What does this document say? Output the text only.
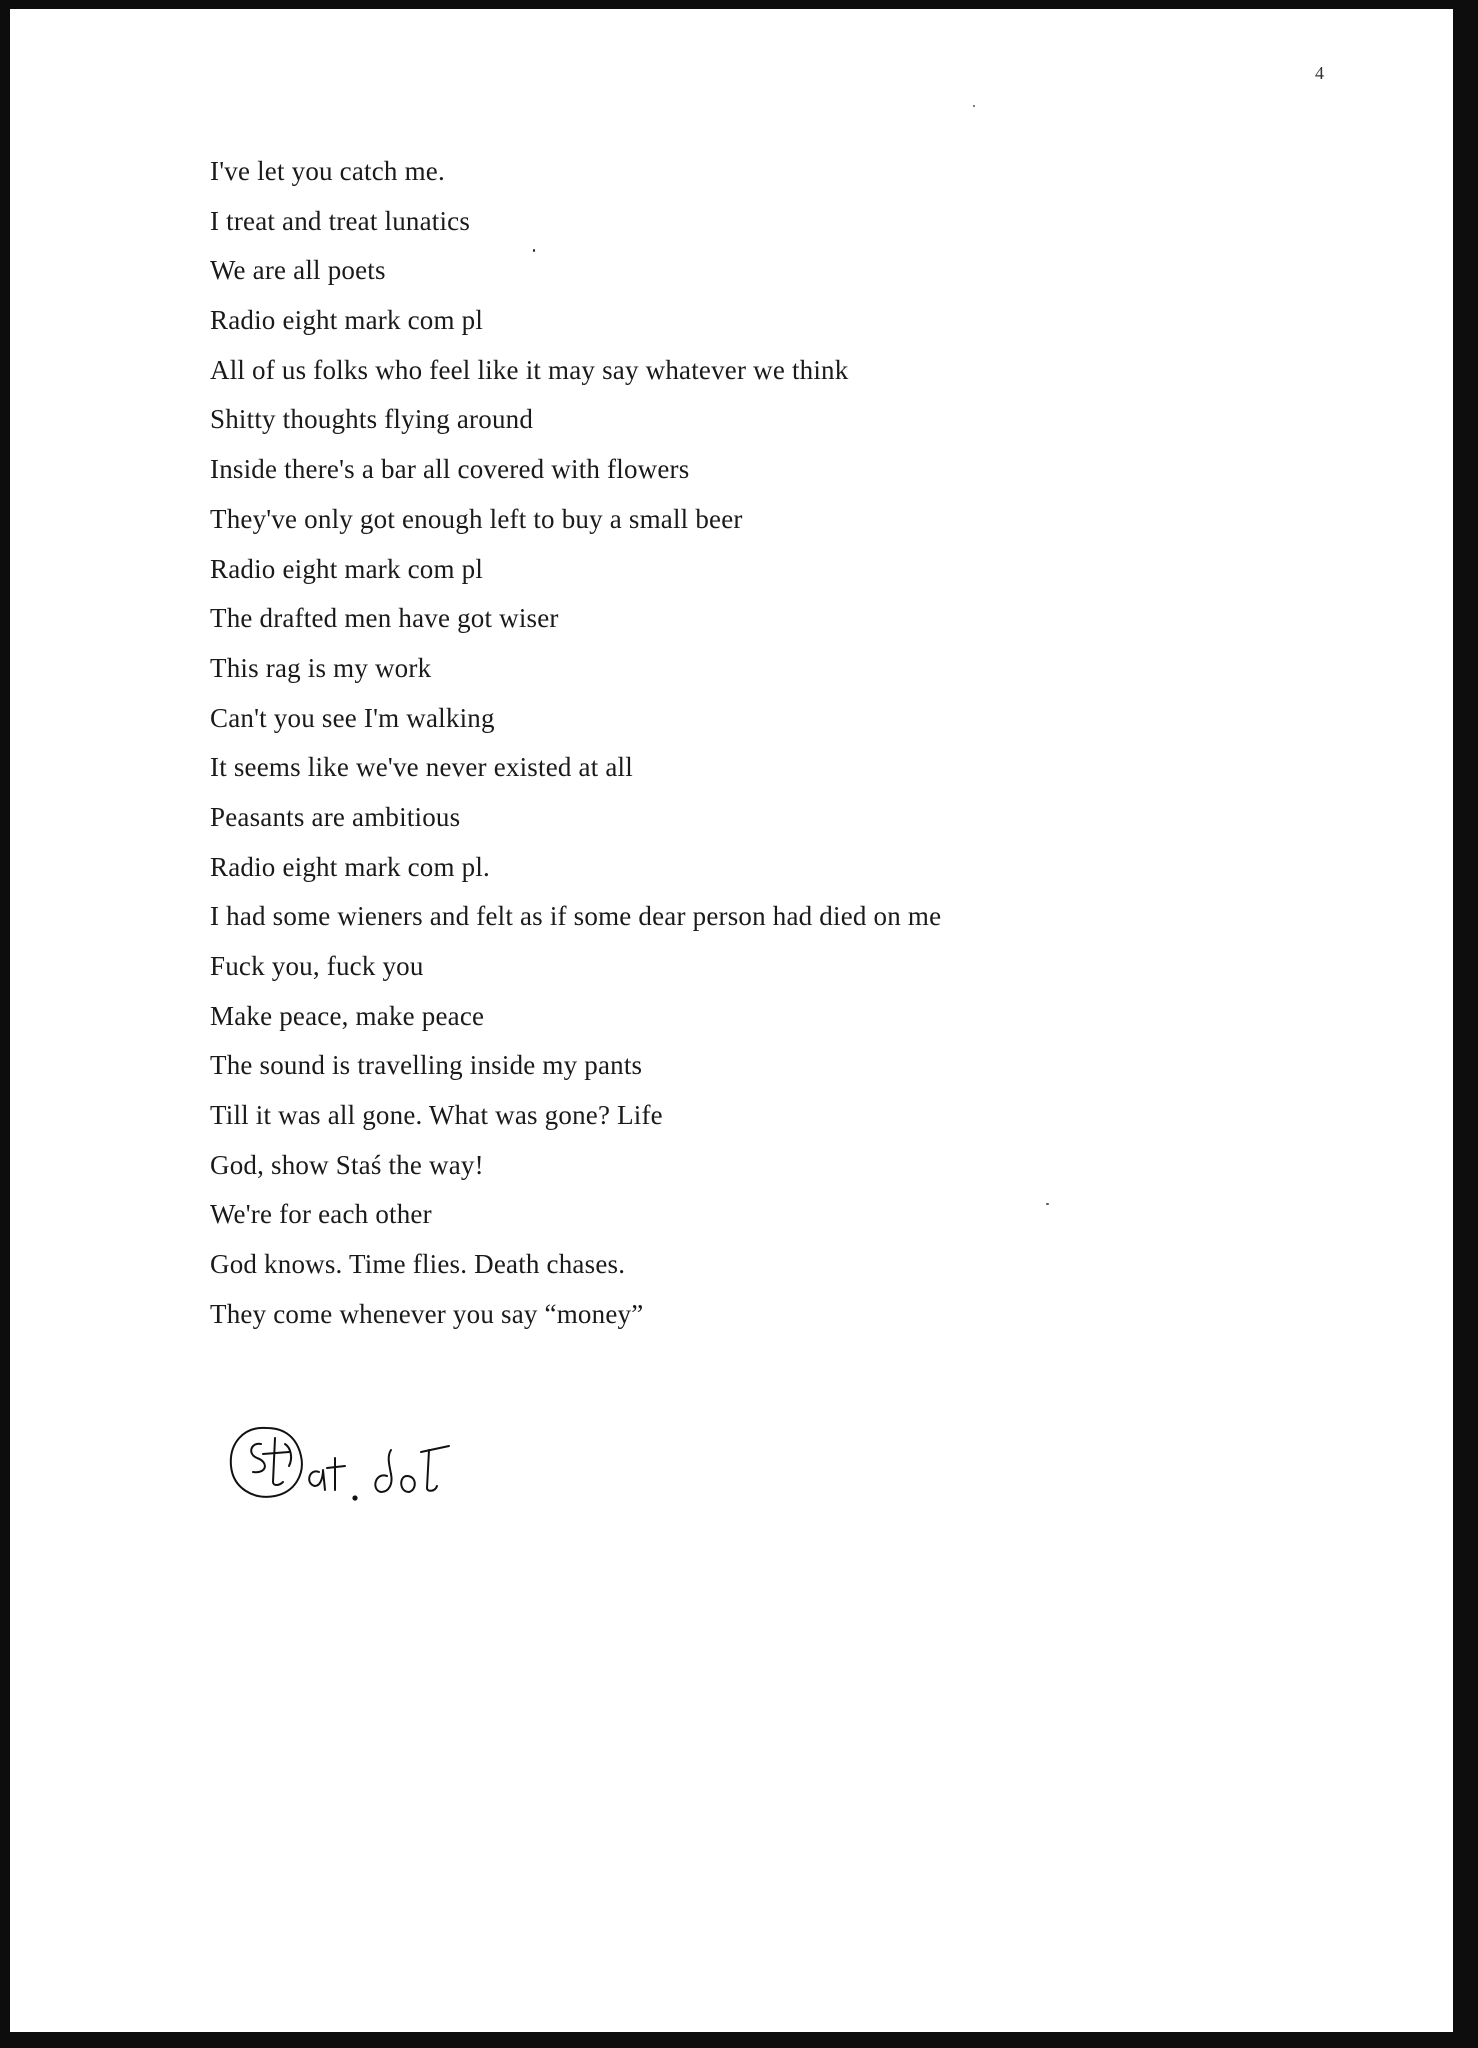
4
I've let you catch me.
I treat and treat lunatics
We are all poets
Radio eight mark com pl
All of us folks who feel like it may say whatever we think
Shitty thoughts flying around
Inside there's a bar all covered with flowers
They've only got enough left to buy a small beer
Radio eight mark com pl
The drafted men have got wiser
This rag is my work
Can't you see I'm walking
It seems like we've never existed at all
Peasants are ambitious
Radio eight mark com pl.
I had some wieners and felt as if some dear person had died on me
Fuck you, fuck you
Make peace, make peace
The sound is travelling inside my pants
Till it was all gone. What was gone? Life
God, show Staś the way!
We're for each other
God knows. Time flies. Death chases.
They come whenever you say “money”
